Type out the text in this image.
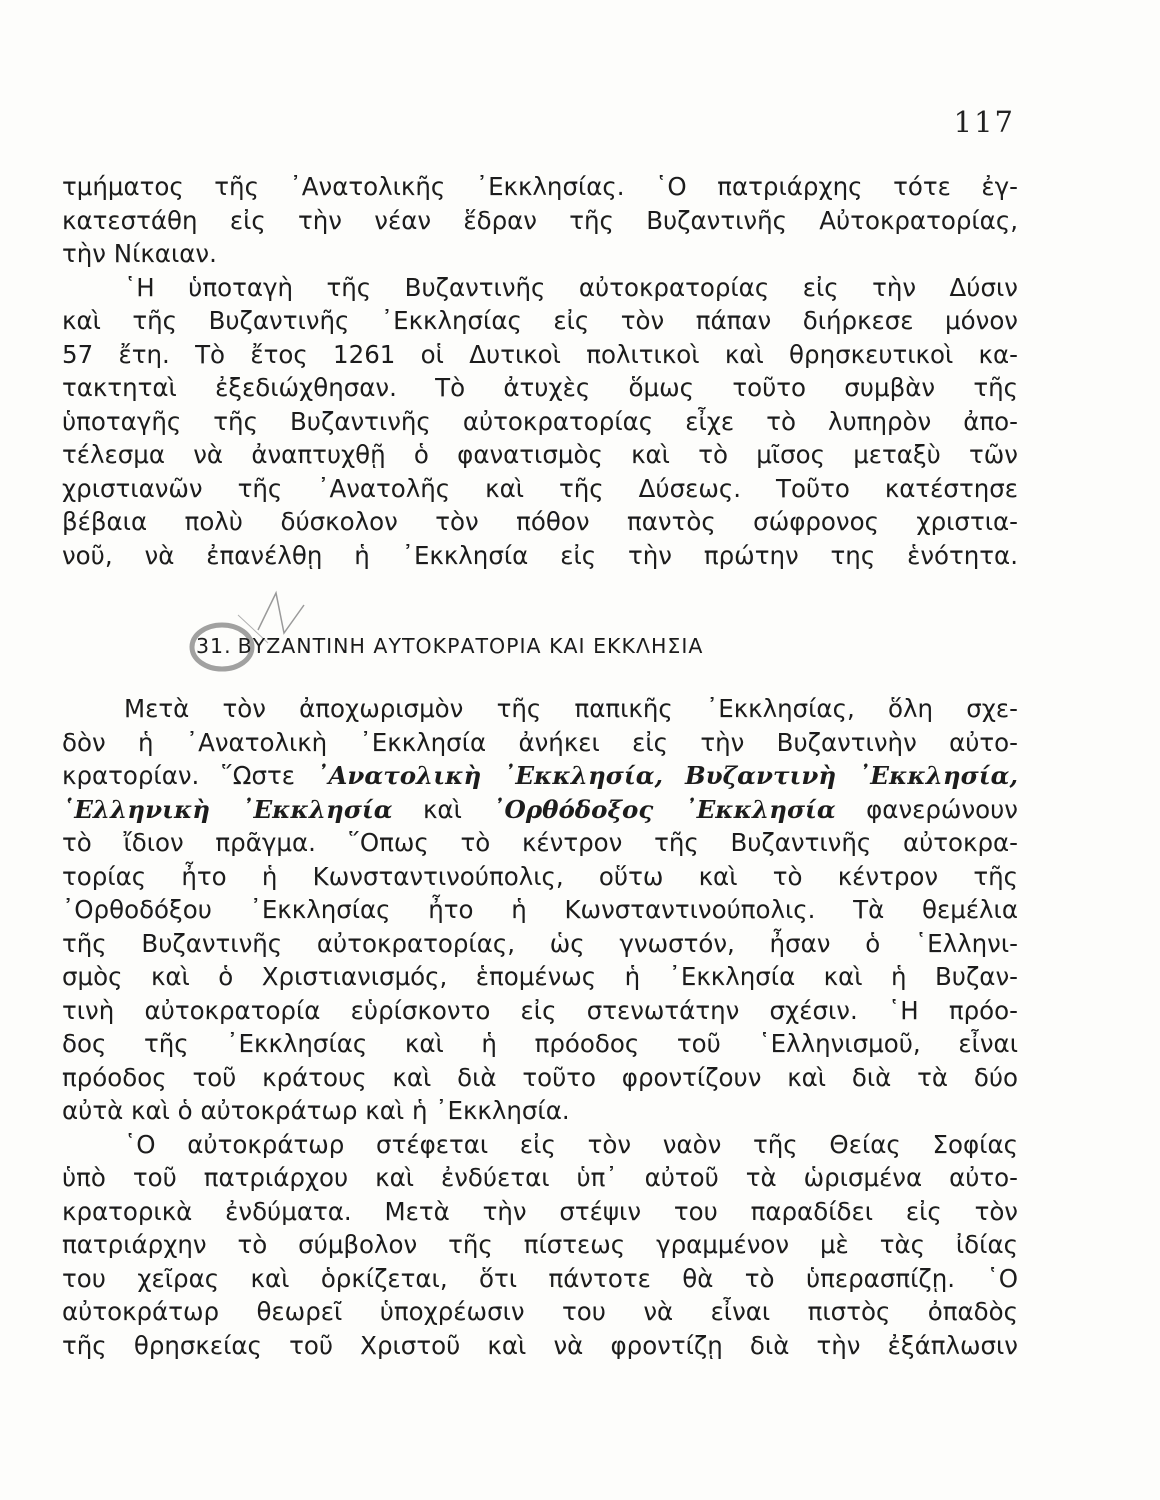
117
τμήματος τῆς ᾿Ανατολικῆς ᾿Εκκλησίας. ῾Ο πατριάρχης τότε ἐγ-
κατεστάθη εἰς τὴν νέαν ἕδραν τῆς Βυζαντινῆς Αὐτοκρατορίας,
τὴν Νίκαιαν.
῾Η ὑποταγὴ τῆς Βυζαντινῆς αὐτοκρατορίας εἰς τὴν Δύσιν
καὶ τῆς Βυζαντινῆς ᾿Εκκλησίας εἰς τὸν πάπαν διήρκεσε μόνον
57 ἔτη. Τὸ ἔτος 1261 οἱ Δυτικοὶ πολιτικοὶ καὶ θρησκευτικοὶ κα-
τακτηταὶ ἐξεδιώχθησαν. Τὸ ἀτυχὲς ὅμως τοῦτο συμβὰν τῆς
ὑποταγῆς τῆς Βυζαντινῆς αὐτοκρατορίας εἶχε τὸ λυπηρὸν ἀπο-
τέλεσμα νὰ ἀναπτυχθῇ ὁ φανατισμὸς καὶ τὸ μῖσος μεταξὺ τῶν
χριστιανῶν τῆς ᾿Ανατολῆς καὶ τῆς Δύσεως. Τοῦτο κατέστησε
βέβαια πολὺ δύσκολον τὸν πόθον παντὸς σώφρονος χριστια-
νοῦ, νὰ ἐπανέλθῃ ἡ ᾿Εκκλησία εἰς τὴν πρώτην της ἑνότητα.
31. ΒΥΖΑΝΤΙΝΗ ΑΥΤΟΚΡΑΤΟΡΙΑ ΚΑΙ ΕΚΚΛΗΣΙΑ
Μετὰ τὸν ἀποχωρισμὸν τῆς παπικῆς ᾿Εκκλησίας, ὅλη σχε-
δὸν ἡ ᾿Ανατολικὴ ᾿Εκκλησία ἀνήκει εἰς τὴν Βυζαντινὴν αὐτο-
κρατορίαν. ῞Ωστε ᾿Ανατολικὴ ᾿Εκκλησία, Βυζαντινὴ ᾿Εκκλησία,
῾Ελληνικὴ ᾿Εκκλησία καὶ ᾿Ορθόδοξος ᾿Εκκλησία φανερώνουν
τὸ ἴδιον πρᾶγμα. ῞Οπως τὸ κέντρον τῆς Βυζαντινῆς αὐτοκρα-
τορίας ἦτο ἡ Κωνσταντινούπολις, οὕτω καὶ τὸ κέντρον τῆς
᾿Ορθοδόξου ᾿Εκκλησίας ἦτο ἡ Κωνσταντινούπολις. Τὰ θεμέλια
τῆς Βυζαντινῆς αὐτοκρατορίας, ὡς γνωστόν, ἦσαν ὁ ῾Ελληνι-
σμὸς καὶ ὁ Χριστιανισμός, ἑπομένως ἡ ᾿Εκκλησία καὶ ἡ Βυζαν-
τινὴ αὐτοκρατορία εὑρίσκοντο εἰς στενωτάτην σχέσιν. ῾Η πρόο-
δος τῆς ᾿Εκκλησίας καὶ ἡ πρόοδος τοῦ ῾Ελληνισμοῦ, εἶναι
πρόοδος τοῦ κράτους καὶ διὰ τοῦτο φροντίζουν καὶ διὰ τὰ δύο
αὐτὰ καὶ ὁ αὐτοκράτωρ καὶ ἡ ᾿Εκκλησία.
῾Ο αὐτοκράτωρ στέφεται εἰς τὸν ναὸν τῆς Θείας Σοφίας
ὑπὸ τοῦ πατριάρχου καὶ ἐνδύεται ὑπ᾿ αὐτοῦ τὰ ὡρισμένα αὐτο-
κρατορικὰ ἐνδύματα. Μετὰ τὴν στέψιν του παραδίδει εἰς τὸν
πατριάρχην τὸ σύμβολον τῆς πίστεως γραμμένον μὲ τὰς ἰδίας
του χεῖρας καὶ ὁρκίζεται, ὅτι πάντοτε θὰ τὸ ὑπερασπίζῃ. ῾Ο
αὐτοκράτωρ θεωρεῖ ὑποχρέωσιν του νὰ εἶναι πιστὸς ὀπαδὸς
τῆς θρησκείας τοῦ Χριστοῦ καὶ νὰ φροντίζῃ διὰ τὴν ἐξάπλωσιν
